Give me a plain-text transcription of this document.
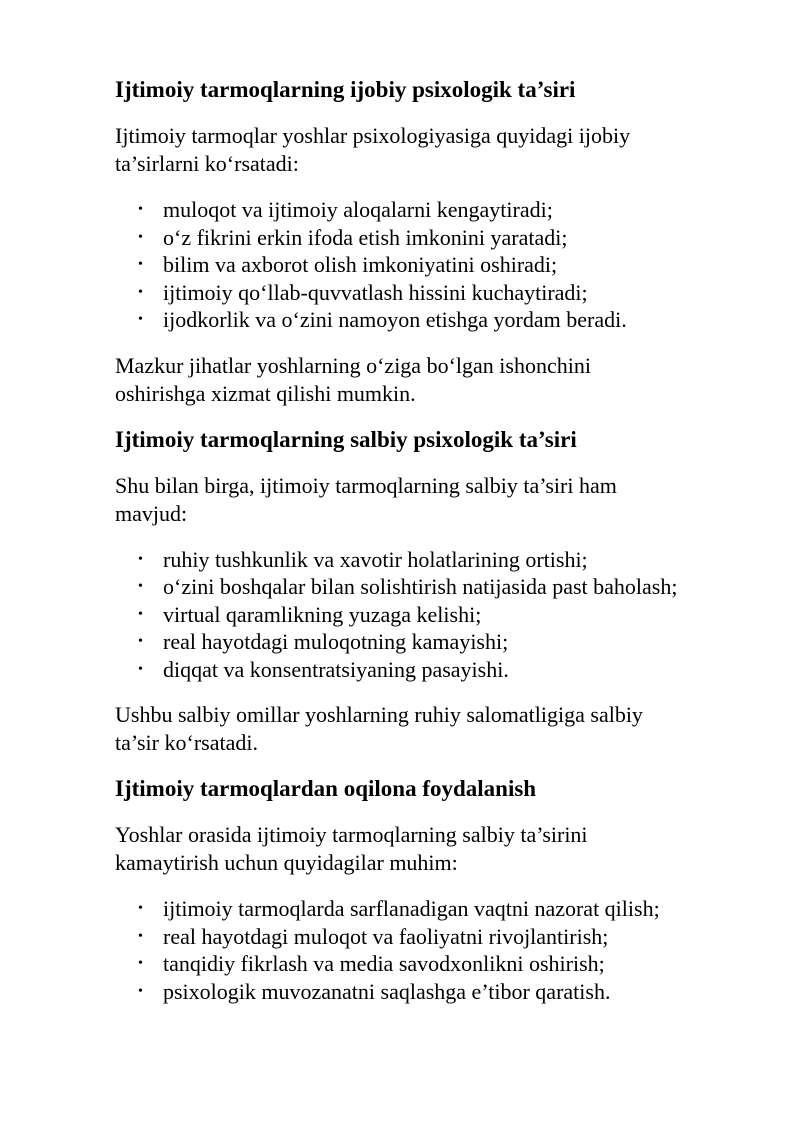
Ijtimoiy tarmoqlarning ijobiy psixologik ta’siri

Ijtimoiy tarmoqlar yoshlar psixologiyasiga quyidagi ijobiy
ta’sirlarni ko‘rsatadi:

• muloqot va ijtimoiy aloqalarni kengaytiradi;
• o‘z fikrini erkin ifoda etish imkonini yaratadi;
• bilim va axborot olish imkoniyatini oshiradi;
• ijtimoiy qo‘llab-quvvatlash hissini kuchaytiradi;
• ijodkorlik va o‘zini namoyon etishga yordam beradi.

Mazkur jihatlar yoshlarning o‘ziga bo‘lgan ishonchini
oshirishga xizmat qilishi mumkin.

Ijtimoiy tarmoqlarning salbiy psixologik ta’siri

Shu bilan birga, ijtimoiy tarmoqlarning salbiy ta’siri ham
mavjud:

• ruhiy tushkunlik va xavotir holatlarining ortishi;
• o‘zini boshqalar bilan solishtirish natijasida past baholash;
• virtual qaramlikning yuzaga kelishi;
• real hayotdagi muloqotning kamayishi;
• diqqat va konsentratsiyaning pasayishi.

Ushbu salbiy omillar yoshlarning ruhiy salomatligiga salbiy
ta’sir ko‘rsatadi.

Ijtimoiy tarmoqlardan oqilona foydalanish

Yoshlar orasida ijtimoiy tarmoqlarning salbiy ta’sirini
kamaytirish uchun quyidagilar muhim:

• ijtimoiy tarmoqlarda sarflanadigan vaqtni nazorat qilish;
• real hayotdagi muloqot va faoliyatni rivojlantirish;
• tanqidiy fikrlash va media savodxonlikni oshirish;
• psixologik muvozanatni saqlashga e’tibor qaratish.
